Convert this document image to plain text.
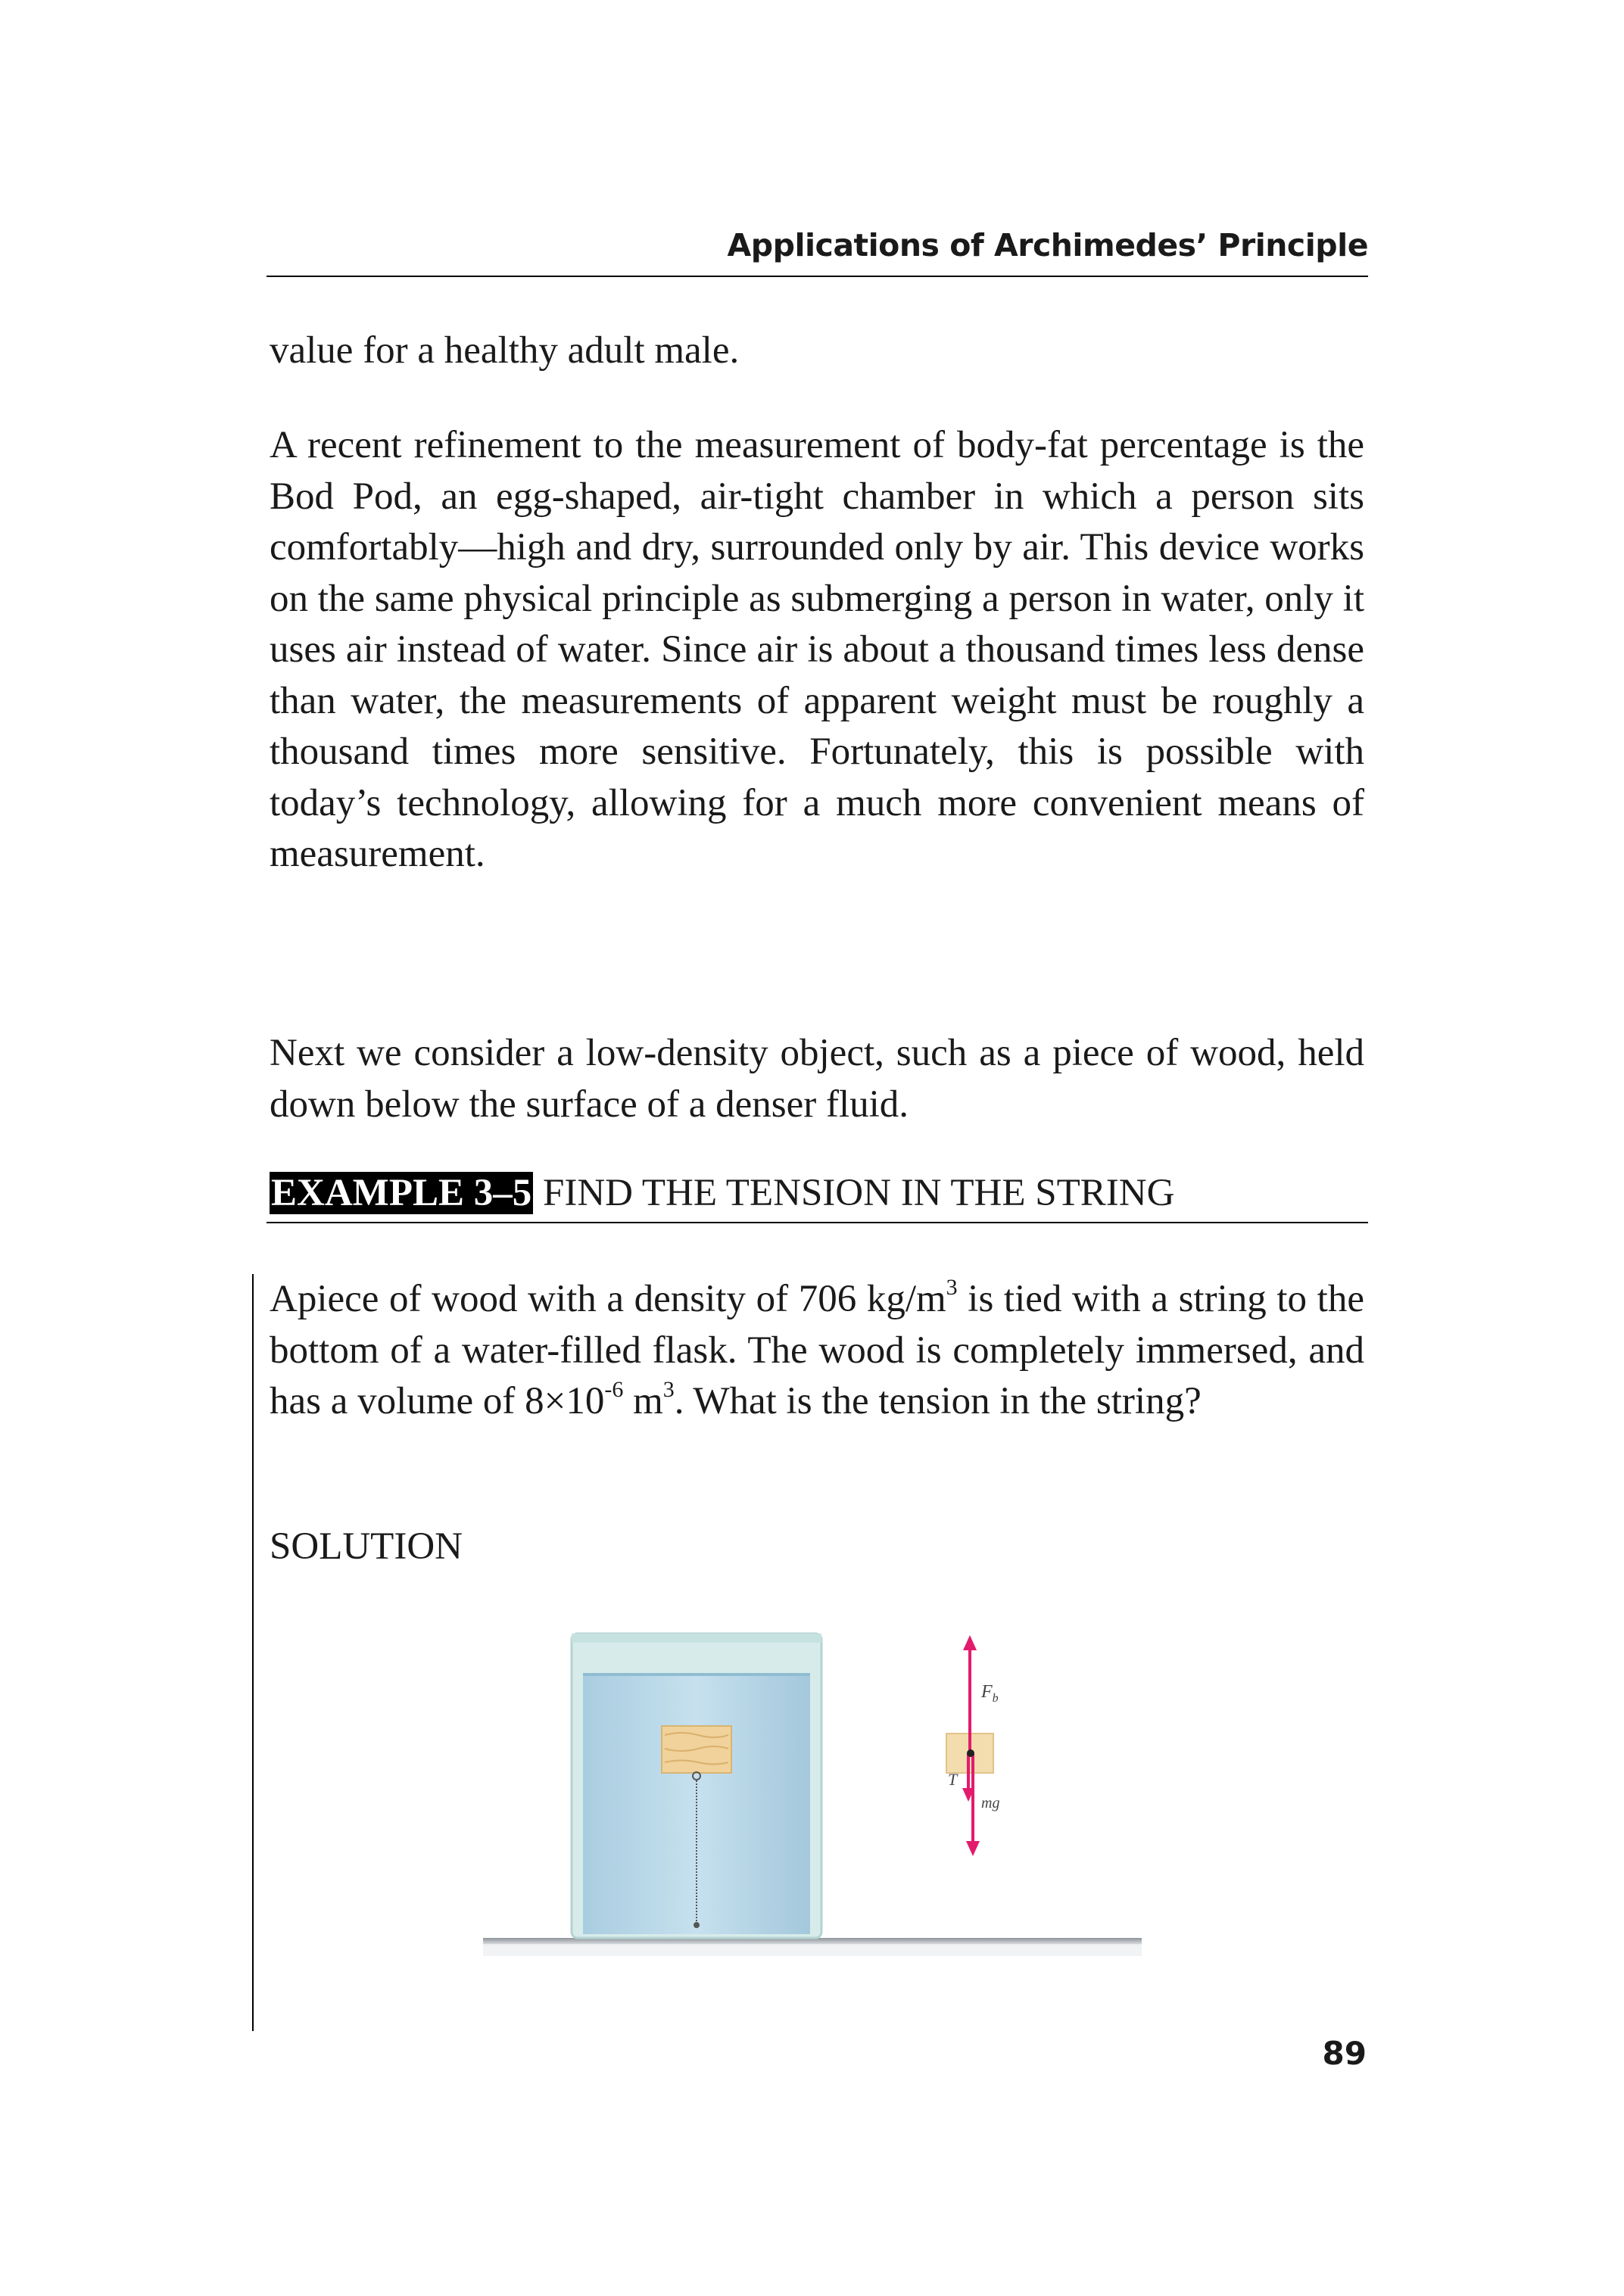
Applications of Archimedes’ Principle

value for a healthy adult male.

A recent refinement to the measurement of body-fat percentage is the Bod Pod, an egg-shaped, air-tight chamber in which a person sits comfortably—high and dry, surrounded only by air. This device works on the same physical principle as submerging a person in water, only it uses air instead of water. Since air is about a thousand times less dense than water, the measurements of apparent weight must be roughly a thousand times more sensitive. Fortunately, this is possible with today’s technology, allowing for a much more convenient means of measurement.

Next we consider a low-density object, such as a piece of wood, held down below the surface of a denser fluid.

EXAMPLE 3–5 FIND THE TENSION IN THE STRING

Apiece of wood with a density of 706 $kg/m^3$ is tied with a string to the bottom of a water-filled flask. The wood is completely immersed, and has a volume of $8\times 10^{-6}$ $m^3$. What is the tension in the string?

SOLUTION

$F_b$
T
mg
89
